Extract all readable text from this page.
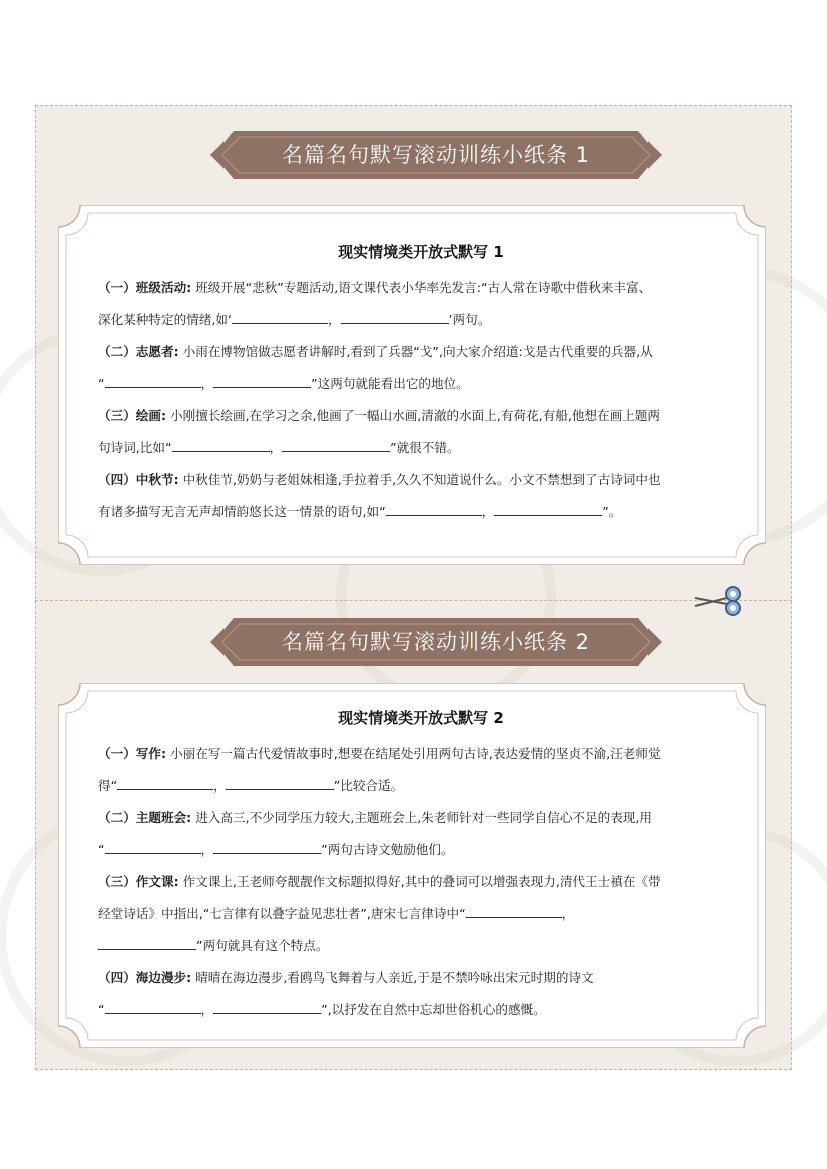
名篇名句默写滚动训练小纸条 1
现实情境类开放式默写 1

（一）班级活动: 班级开展“悲秋”专题活动,语文课代表小华率先发言:“古人常在诗歌中借秋来丰富、
深化某种特定的情绪,如‘	，	’两句。

（二）志愿者: 小雨在博物馆做志愿者讲解时,看到了兵器“戈”,向大家介绍道:戈是古代重要的兵器,从
“	，	”这两句就能看出它的地位。

（三）绘画: 小刚擅长绘画,在学习之余,他画了一幅山水画,清澈的水面上,有荷花,有船,他想在画上题两
句诗词,比如“	，	”就很不错。

（四）中秋节: 中秋佳节,奶奶与老姐妹相逢,手拉着手,久久不知道说什么。小文不禁想到了古诗词中也
有诸多描写无言无声却情韵悠长这一情景的语句,如“	，	”。

名篇名句默写滚动训练小纸条 2
现实情境类开放式默写 2

（一）写作: 小丽在写一篇古代爱情故事时,想要在结尾处引用两句古诗,表达爱情的坚贞不渝,汪老师觉
得“	，	”比较合适。

（二）主题班会: 进入高三,不少同学压力较大,主题班会上,朱老师针对一些同学自信心不足的表现,用
“	，	”两句古诗文勉励他们。

（三）作文课: 作文课上,王老师夸靓靓作文标题拟得好,其中的叠词可以增强表现力,清代王士禛在《带
经堂诗话》中指出,“七言律有以叠字益见悲壮者”,唐宋七言律诗中“	，
”两句就具有这个特点。

（四）海边漫步: 晴晴在海边漫步,看鸥鸟飞舞着与人亲近,于是不禁吟咏出宋元时期的诗文
“	，	”,以抒发在自然中忘却世俗机心的感慨。
